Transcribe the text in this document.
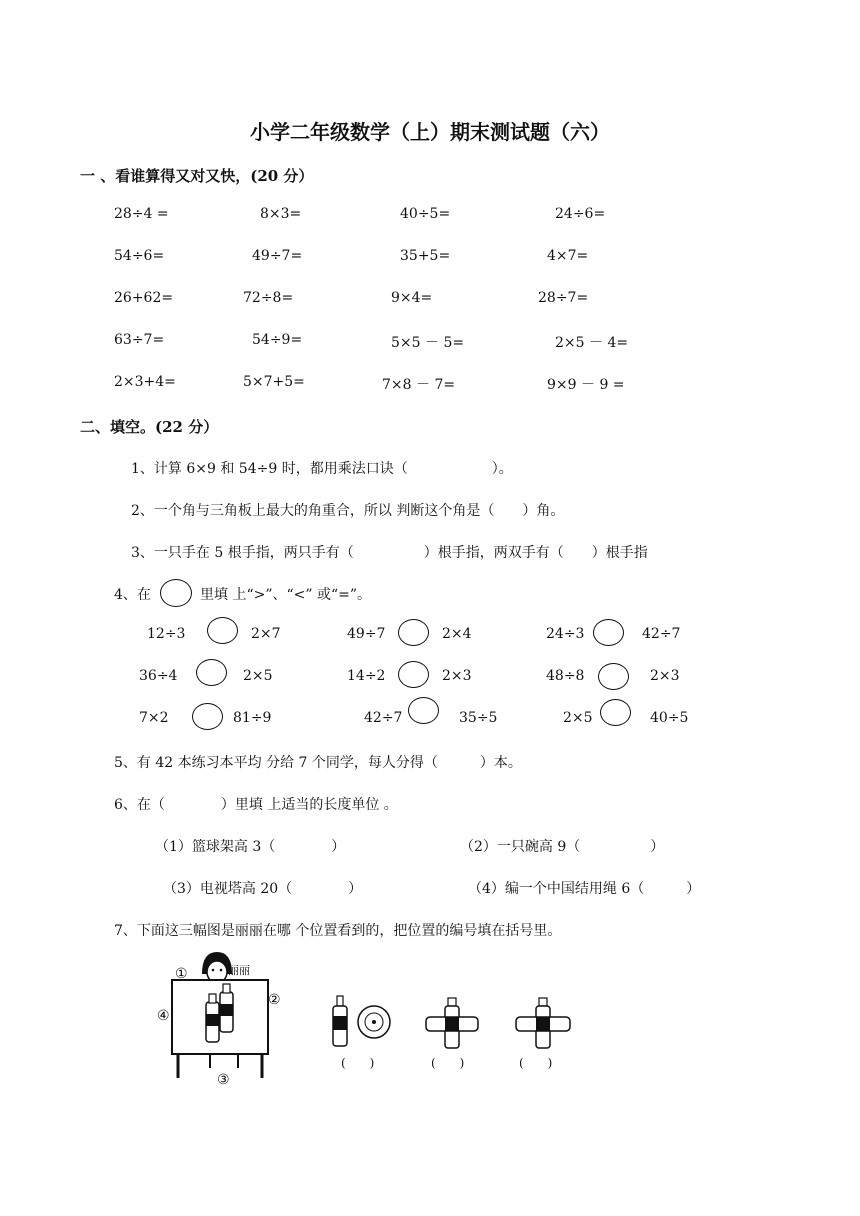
小学二年级数学（上）期末测试题（六）
一 、看谁算得又对又快，(20 分）
28÷4 =	8×3=	40÷5=	24÷6=
54÷6=	49÷7=	35+5=	4×7=
26+62=	72÷8=	9×4=	28÷7=
63÷7=	54÷9=	5×5 － 5=	2×5 － 4=
2×3+4=	5×7+5=	7×8 － 7=	9×9 － 9 =
二、填空。(22 分）
1、计算 6×9 和 54÷9 时，都用乘法口诀（　　　　　　）。
2、一个角与三角板上最大的角重合，所以 判断这个角是（　　）角。
3、一只手在 5 根手指，两只手有（　　　　　）根手指，两双手有（　　）根手指
4、在	里填 上“>”、“<” 或“=”。
12÷3	2×7	49÷7	2×4	24÷3	42÷7
36÷4	2×5	14÷2	2×3	48÷8	2×3
7×2	81÷9	42÷7	35÷5	2×5	40÷5
5、有 42 本练习本平均 分给 7 个同学，每人分得（　　　）本。
6、在（　　　　）里填 上适当的长度单位 。
（1）篮球架高 3（　　　　）	（2）一只碗高 9（　　　　　）
（3）电视塔高 20（　　　　）	（4）编一个中国结用绳 6（　　　）
7、下面这三幅图是丽丽在哪 个位置看到的，把位置的编号填在括号里。
丽丽
①
②
③
④
(　　)	(　　)	(　　)
